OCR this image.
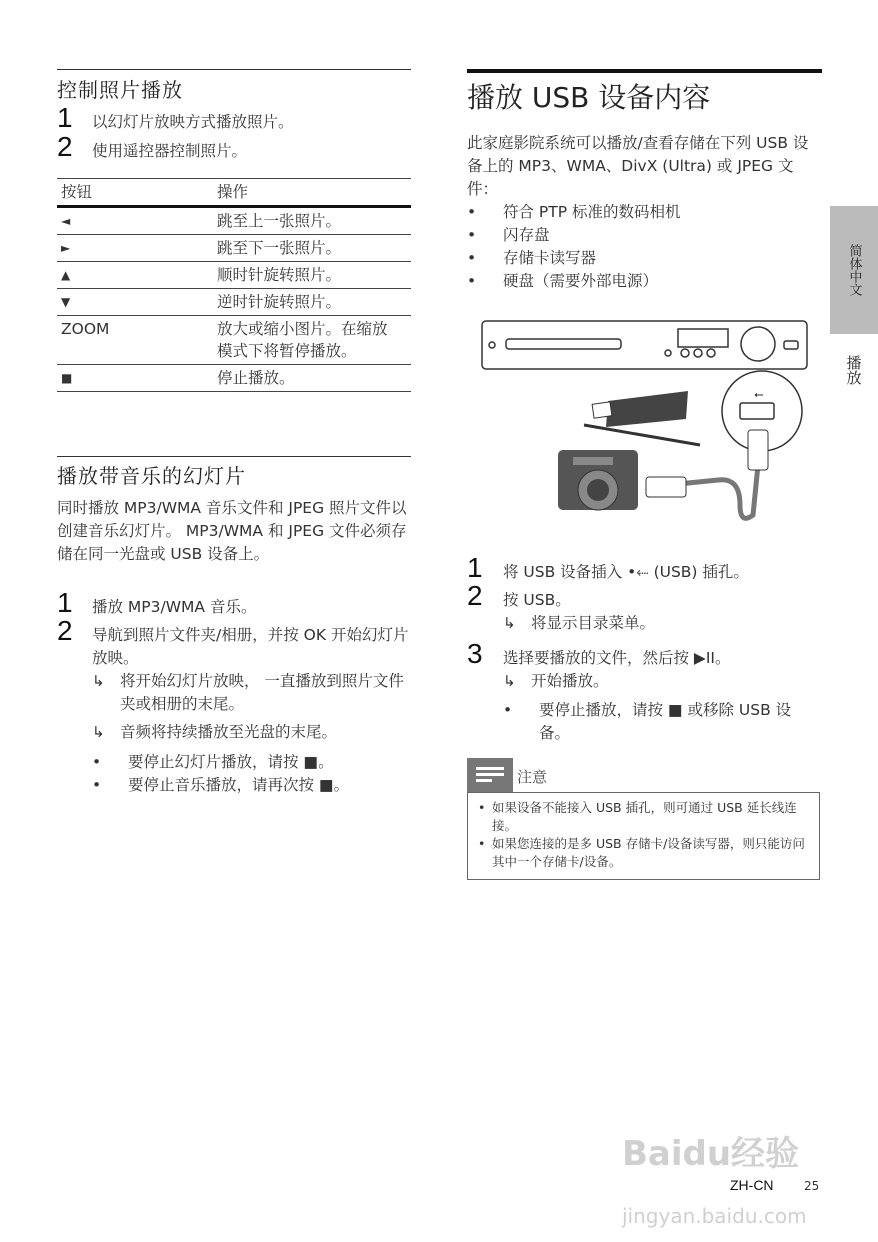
控制照片播放
1 以幻灯片放映方式播放照片。
2 使用遥控器控制照片。
按钮	操作
◄	跳至上一张照片。
►	跳至下一张照片。
▲	顺时针旋转照片。
▼	逆时针旋转照片。
ZOOM	放大或缩小图片。在缩放模式下将暂停播放。
■	停止播放。
播放带音乐的幻灯片
同时播放 MP3/WMA 音乐文件和 JPEG 照片文件以创建音乐幻灯片。 MP3/WMA 和 JPEG 文件必须存储在同一光盘或 USB 设备上。
1 播放 MP3/WMA 音乐。
2 导航到照片文件夹/相册，并按 OK 开始幻灯片放映。
↳ 将开始幻灯片放映， 一直播放到照片文件夹或相册的末尾。
↳ 音频将持续播放至光盘的末尾。
• 要停止幻灯片播放，请按 ■。
• 要停止音乐播放，请再次按 ■。
播放 USB 设备内容
此家庭影院系统可以播放/查看存储在下列 USB 设备上的 MP3、WMA、DivX (Ultra) 或 JPEG 文件：
• 符合 PTP 标准的数码相机
• 闪存盘
• 存储卡读写器
• 硬盘（需要外部电源）
⭠
1 将 USB 设备插入 •⬸ (USB) 插孔。
2 按 USB。
↳ 将显示目录菜单。
3 选择要播放的文件，然后按 ▶II。
↳ 开始播放。
•	要停止播放，请按 ■ 或移除 USB 设备。
注意
• 如果设备不能接入 USB 插孔，则可通过 USB 延长线连接。
• 如果您连接的是多 USB 存储卡/设备读写器，则只能访问其中一个存储卡/设备。
简体中文
播放
Baidu经验
jingyan.baidu.com
ZH-CN	25
